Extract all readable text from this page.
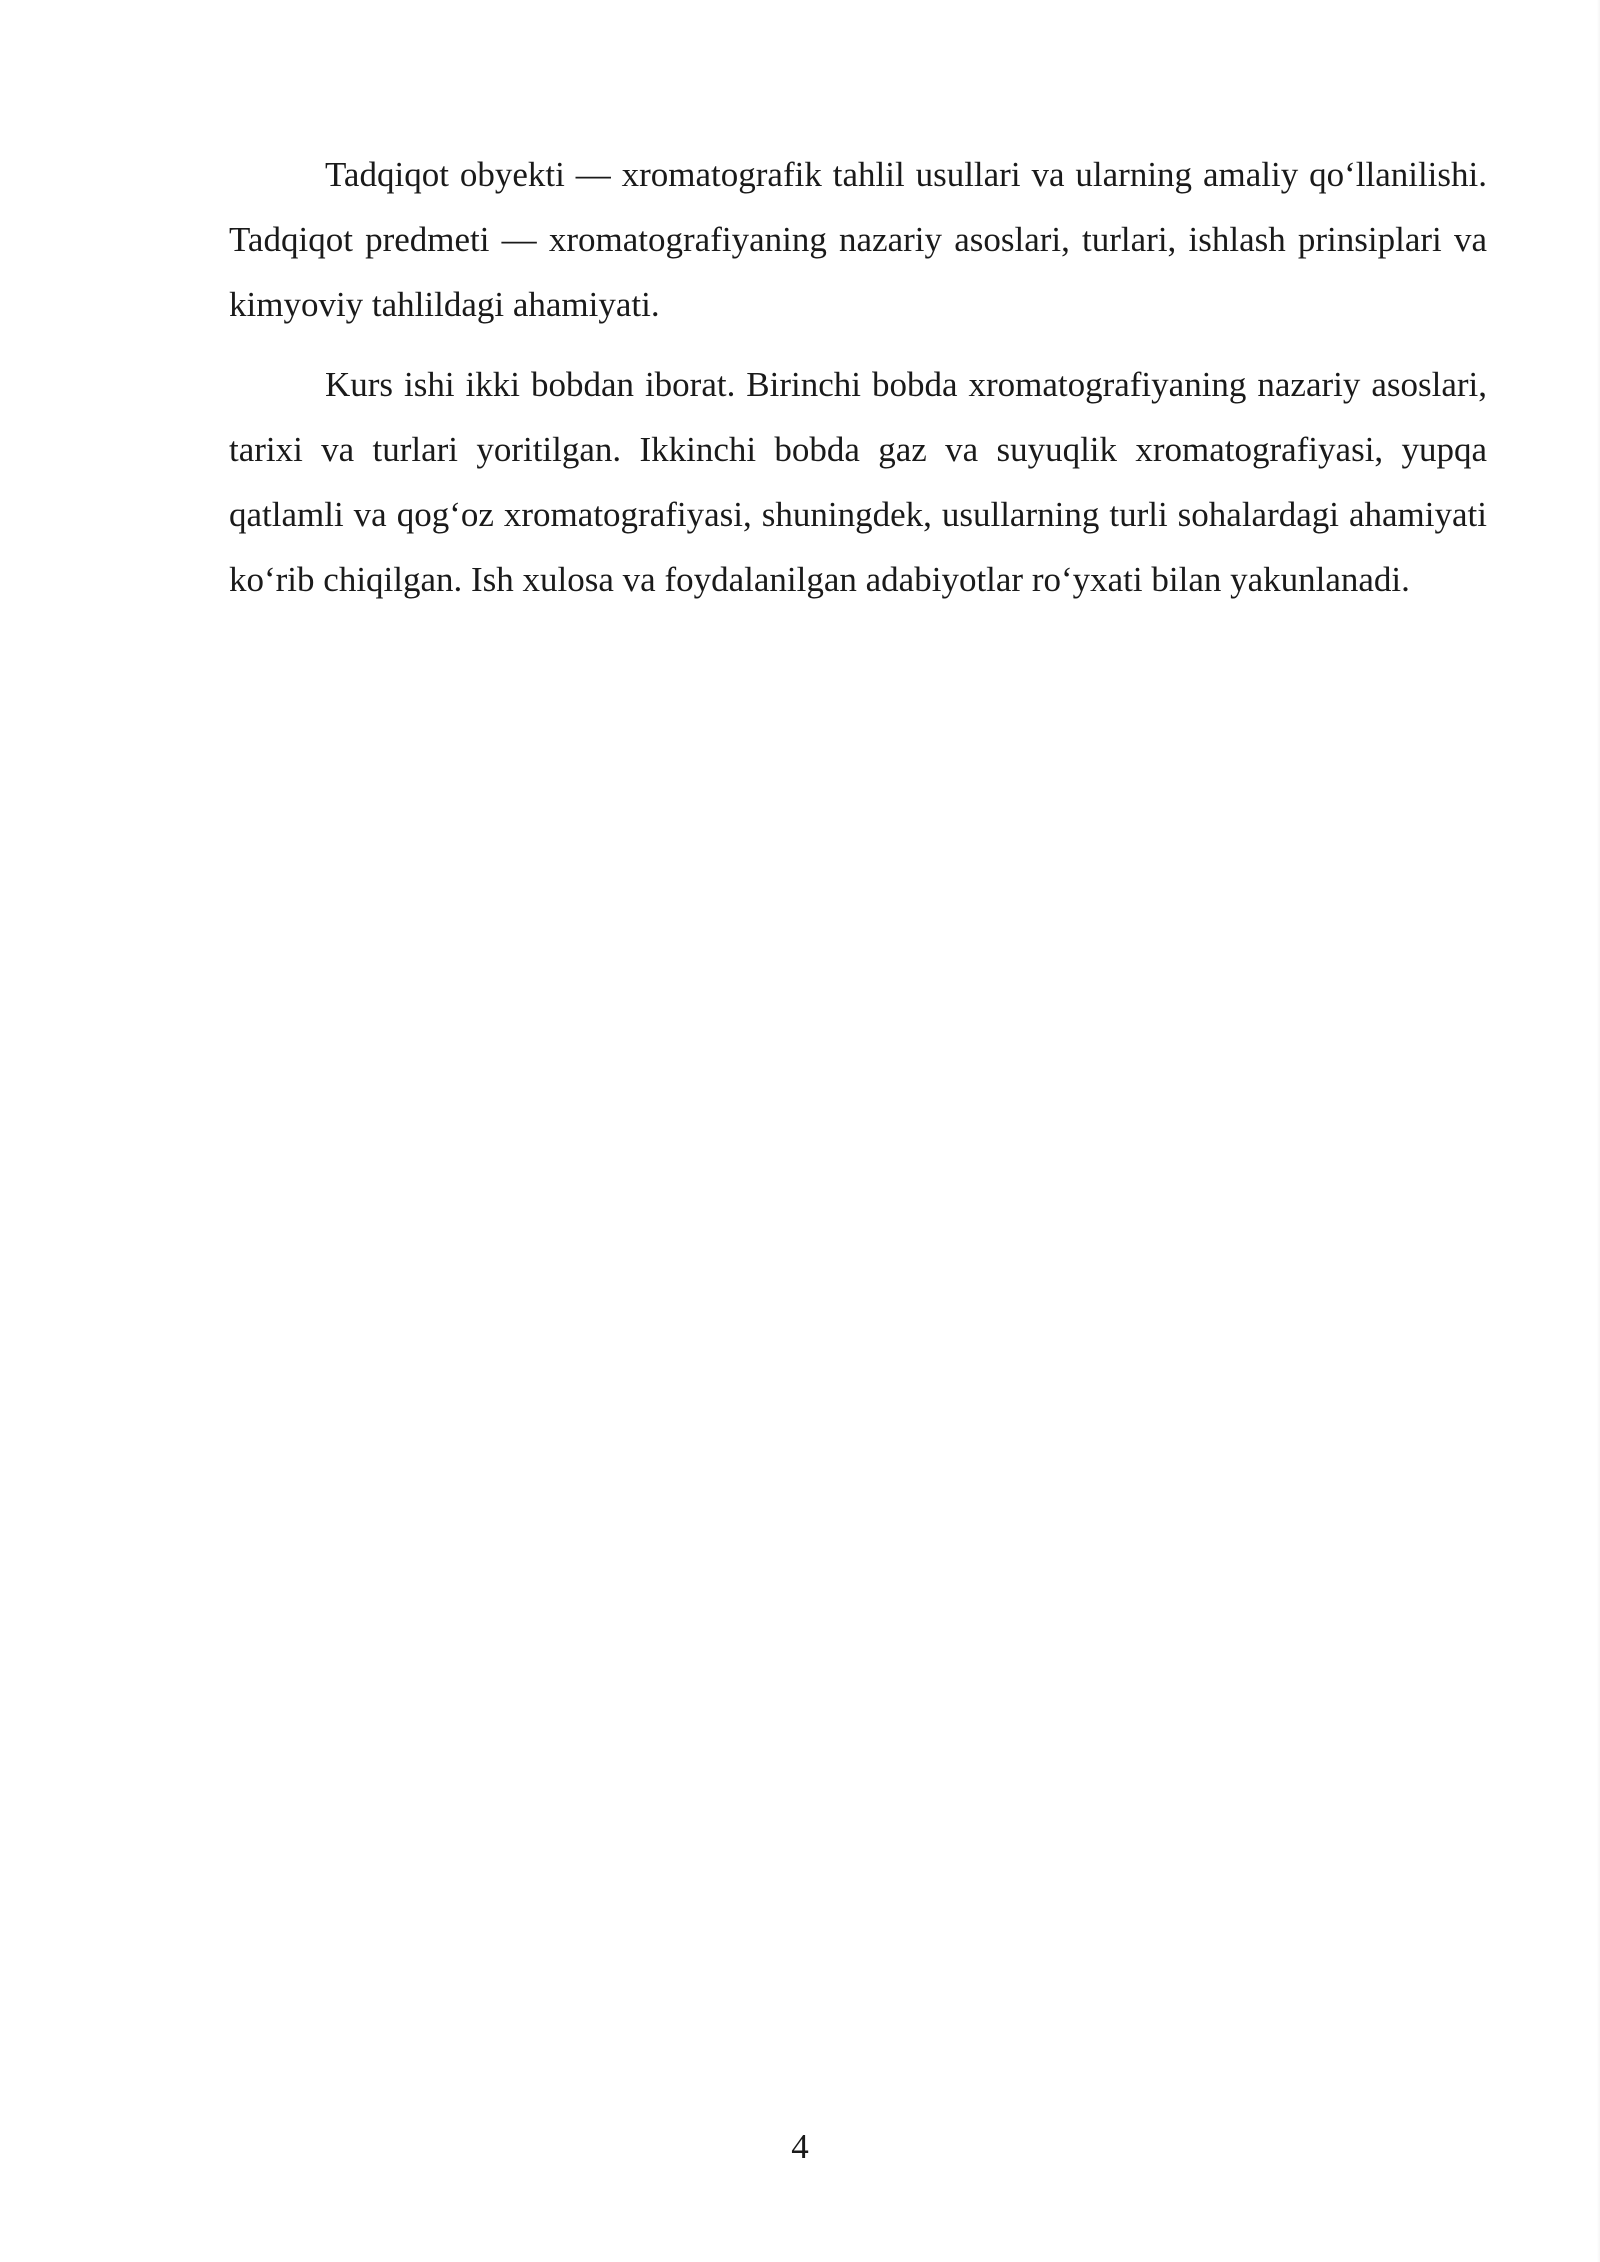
Tadqiqot obyekti — xromatografik tahlil usullari va ularning amaliy qo‘llanilishi. Tadqiqot predmeti — xromatografiyaning nazariy asoslari, turlari, ishlash prinsiplari va kimyoviy tahlildagi ahamiyati.

Kurs ishi ikki bobdan iborat. Birinchi bobda xromatografiyaning nazariy asoslari, tarixi va turlari yoritilgan. Ikkinchi bobda gaz va suyuqlik xromatografiyasi, yupqa qatlamli va qog‘oz xromatografiyasi, shuningdek, usullarning turli sohalardagi ahamiyati ko‘rib chiqilgan. Ish xulosa va foydalanilgan adabiyotlar ro‘yxati bilan yakunlanadi.

4
